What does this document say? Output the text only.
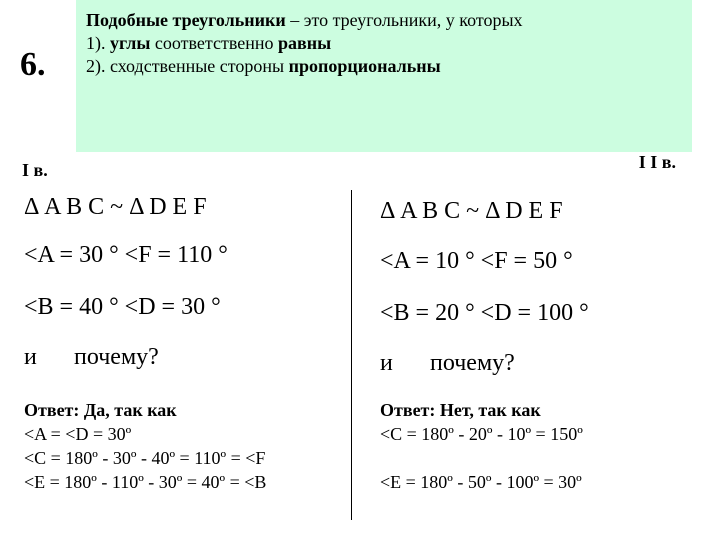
6.
Подобные треугольники – это треугольники, у которых
1). углы соответственно равны
2). сходственные стороны пропорциональны
I в.	I I в.
Δ A B C ~ Δ D E F
<A = 30 ° <F = 110 °
<B = 40 ° <D = 30 °
и почему?
Ответ: Да, так как
<A = <D = 30º
<C = 180º - 30º - 40º = 110º = <F
<E = 180º - 110º - 30º = 40º = <B
Δ A B C ~ Δ D E F
<A = 10 ° <F = 50 °
<B = 20 ° <D = 100 °
и почему?
Ответ: Нет, так как
<C = 180º - 20º - 10º = 150º
<E = 180º - 50º - 100º = 30º
